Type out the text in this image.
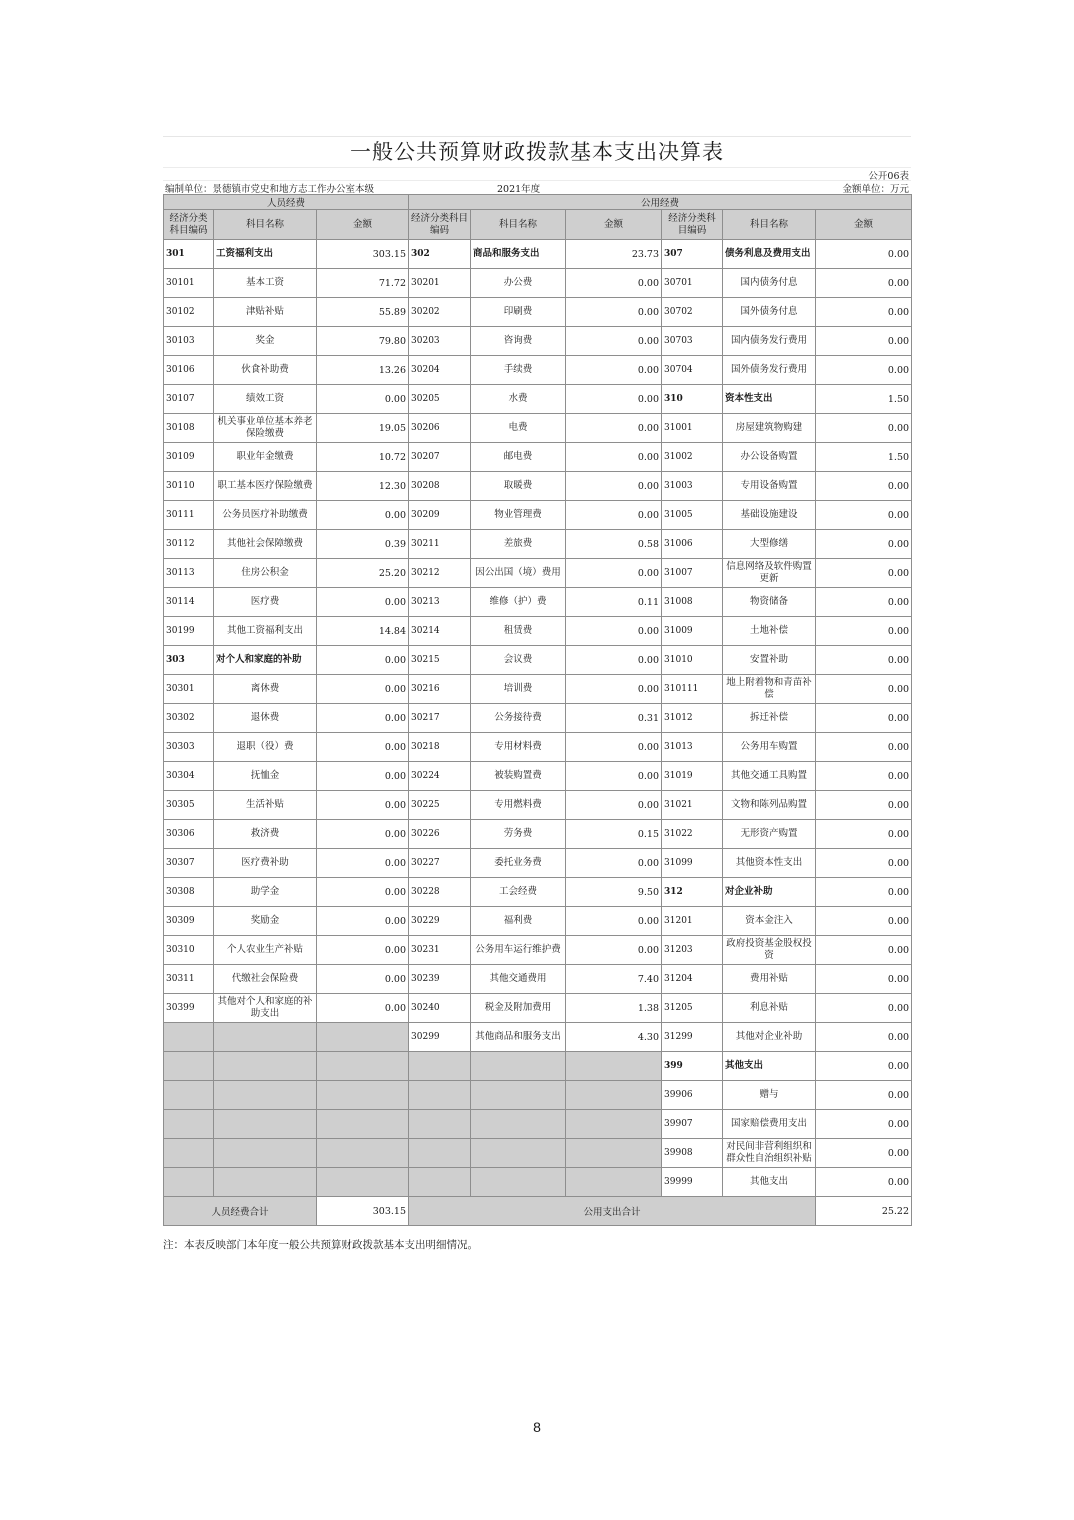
一般公共预算财政拨款基本支出决算表
公开06表
编制单位：景德镇市党史和地方志工作办公室本级	2021年度	金额单位：万元
人员经费			公用经费					
经济分类科目编码	科目名称	金额	经济分类科目编码	科目名称	金额	经济分类科目编码	科目名称	金额
301	工资福利支出	303.15	302	商品和服务支出	23.73	307	债务利息及费用支出	0.00
30101	基本工资	71.72	30201	办公费	0.00	30701	国内债务付息	0.00
30102	津贴补贴	55.89	30202	印刷费	0.00	30702	国外债务付息	0.00
30103	奖金	79.80	30203	咨询费	0.00	30703	国内债务发行费用	0.00
30106	伙食补助费	13.26	30204	手续费	0.00	30704	国外债务发行费用	0.00
30107	绩效工资	0.00	30205	水费	0.00	310	资本性支出	1.50
30108	机关事业单位基本养老保险缴费	19.05	30206	电费	0.00	31001	房屋建筑物购建	0.00
30109	职业年金缴费	10.72	30207	邮电费	0.00	31002	办公设备购置	1.50
30110	职工基本医疗保险缴费	12.30	30208	取暖费	0.00	31003	专用设备购置	0.00
30111	公务员医疗补助缴费	0.00	30209	物业管理费	0.00	31005	基础设施建设	0.00
30112	其他社会保障缴费	0.39	30211	差旅费	0.58	31006	大型修缮	0.00
30113	住房公积金	25.20	30212	因公出国（境）费用	0.00	31007	信息网络及软件购置更新	0.00
30114	医疗费	0.00	30213	维修（护）费	0.11	31008	物资储备	0.00
30199	其他工资福利支出	14.84	30214	租赁费	0.00	31009	土地补偿	0.00
303	对个人和家庭的补助	0.00	30215	会议费	0.00	31010	安置补助	0.00
30301	离休费	0.00	30216	培训费	0.00	310111	地上附着物和青苗补偿	0.00
30302	退休费	0.00	30217	公务接待费	0.31	31012	拆迁补偿	0.00
30303	退职（役）费	0.00	30218	专用材料费	0.00	31013	公务用车购置	0.00
30304	抚恤金	0.00	30224	被装购置费	0.00	31019	其他交通工具购置	0.00
30305	生活补贴	0.00	30225	专用燃料费	0.00	31021	文物和陈列品购置	0.00
30306	救济费	0.00	30226	劳务费	0.15	31022	无形资产购置	0.00
30307	医疗费补助	0.00	30227	委托业务费	0.00	31099	其他资本性支出	0.00
30308	助学金	0.00	30228	工会经费	9.50	312	对企业补助	0.00
30309	奖励金	0.00	30229	福利费	0.00	31201	资本金注入	0.00
30310	个人农业生产补贴	0.00	30231	公务用车运行维护费	0.00	31203	政府投资基金股权投资	0.00
30311	代缴社会保险费	0.00	30239	其他交通费用	7.40	31204	费用补贴	0.00
30399	其他对个人和家庭的补助支出	0.00	30240	税金及附加费用	1.38	31205	利息补贴	0.00
			30299	其他商品和服务支出	4.30	31299	其他对企业补助	0.00
						399	其他支出	0.00
						39906	赠与	0.00
						39907	国家赔偿费用支出	0.00
						39908	对民间非营利组织和群众性自治组织补贴	0.00
						39999	其他支出	0.00
人员经费合计		303.15	公用支出合计					25.22
注：本表反映部门本年度一般公共预算财政拨款基本支出明细情况。
8
